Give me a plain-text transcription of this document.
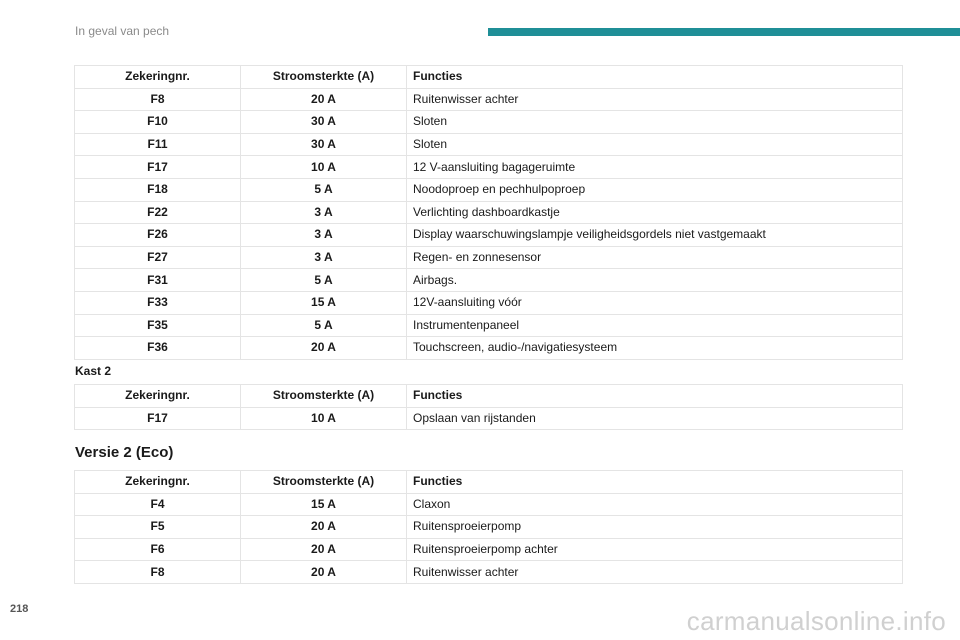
In geval van pech
Zekeringnr.	Stroomsterkte (A)	Functies
F8	20 A	Ruitenwisser achter
F10	30 A	Sloten
F11	30 A	Sloten
F17	10 A	12 V-aansluiting bagageruimte
F18	5 A	Noodoproep en pechhulpoproep
F22	3 A	Verlichting dashboardkastje
F26	3 A	Display waarschuwingslampje veiligheidsgordels niet vastgemaakt
F27	3 A	Regen- en zonnesensor
F31	5 A	Airbags.
F33	15 A	12V-aansluiting vóór
F35	5 A	Instrumentenpaneel
F36	20 A	Touchscreen, audio-/navigatiesysteem
Kast 2
Zekeringnr.	Stroomsterkte (A)	Functies
F17	10 A	Opslaan van rijstanden
Versie 2 (Eco)
Zekeringnr.	Stroomsterkte (A)	Functies
F4	15 A	Claxon
F5	20 A	Ruitensproeierpomp
F6	20 A	Ruitensproeierpomp achter
F8	20 A	Ruitenwisser achter
218	carmanualsonline.info
